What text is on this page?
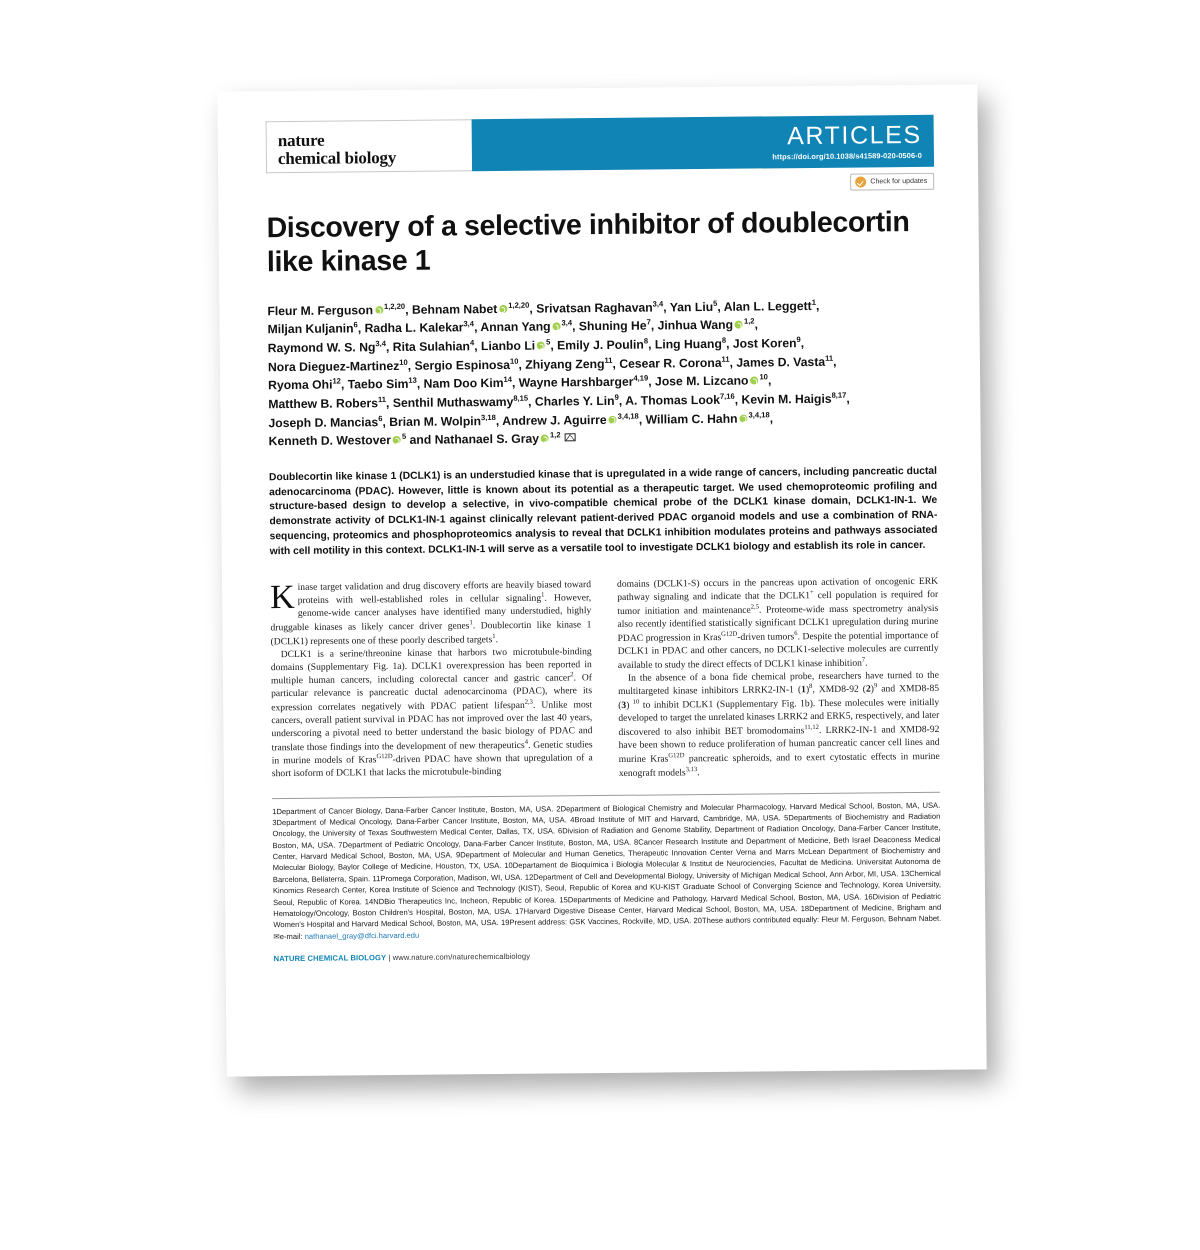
nature
chemical biology
ARTICLES
https://doi.org/10.1038/s41589-020-0506-0
Check for updates
Discovery of a selective inhibitor of doublecortin like kinase 1
Fleur M. Ferguson $^{1,2,20}$, Behnam Nabet $^{1,2,20}$, Srivatsan Raghavan$^{3,4}$, Yan Liu$^5$, Alan L. Leggett$^1$,
Miljan Kuljanin$^6$, Radha L. Kalekar$^{3,4}$, Annan Yang $^{3,4}$, Shuning He$^7$, Jinhua Wang $^{1,2}$,
Raymond W. S. Ng$^{3,4}$, Rita Sulahian$^4$, Lianbo Li $^5$, Emily J. Poulin$^8$, Ling Huang$^8$, Jost Koren$^9$,
Nora Dieguez-Martinez$^{10}$, Sergio Espinosa$^{10}$, Zhiyang Zeng$^{11}$, Cesear R. Corona$^{11}$, James D. Vasta$^{11}$,
Ryoma Ohi$^{12}$, Taebo Sim$^{13}$, Nam Doo Kim$^{14}$, Wayne Harshbarger$^{4,19}$, Jose M. Lizcano $^{10}$,
Matthew B. Robers$^{11}$, Senthil Muthaswamy$^{8,15}$, Charles Y. Lin$^9$, A. Thomas Look$^{7,16}$, Kevin M. Haigis$^{8,17}$,
Joseph D. Mancias$^6$, Brian M. Wolpin$^{3,18}$, Andrew J. Aguirre $^{3,4,18}$, William C. Hahn $^{3,4,18}$,
Kenneth D. Westover $^5$ and Nathanael S. Gray $^{1,2}$
Doublecortin like kinase 1 (DCLK1) is an understudied kinase that is upregulated in a wide range of cancers, including pancreatic ductal adenocarcinoma (PDAC). However, little is known about its potential as a therapeutic target. We used chemoproteomic profiling and structure-based design to develop a selective, in vivo-compatible chemical probe of the DCLK1 kinase domain, DCLK1-IN-1. We demonstrate activity of DCLK1-IN-1 against clinically relevant patient-derived PDAC organoid models and use a combination of RNA-sequencing, proteomics and phosphoproteomics analysis to reveal that DCLK1 inhibition modulates proteins and pathways associated with cell motility in this context. DCLK1-IN-1 will serve as a versatile tool to investigate DCLK1 biology and establish its role in cancer.

Kinase target validation and drug discovery efforts are heavily biased toward proteins with well-established roles in cellular signaling$^1$. However, genome-wide cancer analyses have identified many understudied, highly druggable kinases as likely cancer driver genes$^1$. Doublecortin like kinase 1 (DCLK1) represents one of these poorly described targets$^1$.

DCLK1 is a serine/threonine kinase that harbors two microtubule-binding domains (Supplementary Fig. 1a). DCLK1 overexpression has been reported in multiple human cancers, including colorectal cancer and gastric cancer$^2$. Of particular relevance is pancreatic ductal adenocarcinoma (PDAC), where its expression correlates negatively with PDAC patient lifespan$^{2,3}$. Unlike most cancers, overall patient survival in PDAC has not improved over the last 40 years, underscoring a pivotal need to better understand the basic biology of PDAC and translate those findings into the development of new therapeutics$^4$. Genetic studies in murine models of Kras$^{G12D}$-driven PDAC have shown that upregulation of a short isoform of DCLK1 that lacks the microtubule-binding

domains (DCLK1-S) occurs in the pancreas upon activation of oncogenic ERK pathway signaling and indicate that the DCLK1+ cell population is required for tumor initiation and maintenance$^{2,5}$. Proteome-wide mass spectrometry analysis also recently identified statistically significant DCLK1 upregulation during murine PDAC progression in Kras$^{G12D}$-driven tumors$^6$. Despite the potential importance of DCLK1 in PDAC and other cancers, no DCLK1-selective molecules are currently available to study the direct effects of DCLK1 kinase inhibition$^7$.

In the absence of a bona fide chemical probe, researchers have turned to the multitargeted kinase inhibitors LRRK2-IN-1 $(1)^8$, XMD8-92 $(2)^9$ and XMD8-85 (3) $^{10}$ to inhibit DCLK1 (Supplementary Fig. 1b). These molecules were initially developed to target the unrelated kinases LRRK2 and ERK5, respectively, and later discovered to also inhibit BET bromodomains$^{11,12}$. LRRK2-IN-1 and XMD8-92 have been shown to reduce proliferation of human pancreatic cancer cell lines and murine Kras$^{G12D}$ pancreatic spheroids, and to exert cytostatic effects in murine xenograft models$^{3,13}$.

1Department of Cancer Biology, Dana-Farber Cancer Institute, Boston, MA, USA. 2Department of Biological Chemistry and Molecular Pharmacology, Harvard Medical School, Boston, MA, USA. 3Department of Medical Oncology, Dana-Farber Cancer Institute, Boston, MA, USA. 4Broad Institute of MIT and Harvard, Cambridge, MA, USA. 5Departments of Biochemistry and Radiation Oncology, the University of Texas Southwestern Medical Center, Dallas, TX, USA. 6Division of Radiation and Genome Stability, Department of Radiation Oncology, Dana-Farber Cancer Institute, Boston, MA, USA. 7Department of Pediatric Oncology, Dana-Farber Cancer Institute, Boston, MA, USA. 8Cancer Research Institute and Department of Medicine, Beth Israel Deaconess Medical Center, Harvard Medical School, Boston, MA, USA. 9Department of Molecular and Human Genetics, Therapeutic Innovation Center Verna and Marrs McLean Department of Biochemistry and Molecular Biology, Baylor College of Medicine, Houston, TX, USA. 10Departament de Bioquímica i Biologia Molecular & Institut de Neurociencies, Facultat de Medicina. Universitat Autonoma de Barcelona, Bellaterra, Spain. 11Promega Corporation, Madison, WI, USA. 12Department of Cell and Developmental Biology, University of Michigan Medical School, Ann Arbor, MI, USA. 13Chemical Kinomics Research Center, Korea Institute of Science and Technology (KIST), Seoul, Republic of Korea and KU-KIST Graduate School of Converging Science and Technology, Korea University, Seoul, Republic of Korea. 14NDBio Therapeutics Inc, Incheon, Republic of Korea. 15Departments of Medicine and Pathology, Harvard Medical School, Boston, MA, USA. 16Division of Pediatric Hematology/Oncology, Boston Children's Hospital, Boston, MA, USA. 17Harvard Digestive Disease Center, Harvard Medical School, Boston, MA, USA. 18Department of Medicine, Brigham and Women's Hospital and Harvard Medical School, Boston, MA, USA. 19Present address: GSK Vaccines, Rockville, MD, USA. 20These authors contributed equally: Fleur M. Ferguson, Behnam Nabet. ✉e-mail: nathanael_gray@dfci.harvard.edu
NATURE CHEMICAL BIOLOGY | www.nature.com/naturechemicalbiology
